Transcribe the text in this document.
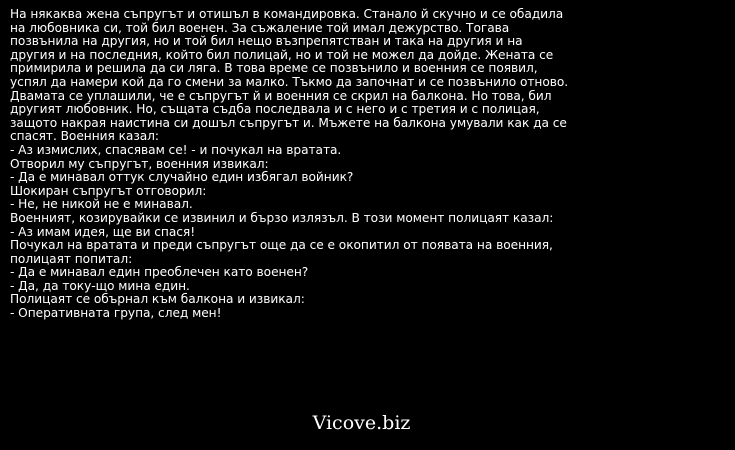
На някаква жена съпругът и отишъл в командировка. Станало й скучно и се обадила на любовника си, той бил военен. За съжаление той имал дежурство. Тогава позвънила на другия, но и той бил нещо възпрепятстван и така на другия и на другия и на последния, който бил полицай, но и той не можел да дойде. Жената се примирила и решила да си лягa. В това време се позвънило и военния се появил, успял да намери кой да го смени за малко. Тъкмо да започнат и се позвънило отново. Двамата се уплашили, че е съпругът й и военния се скрил на балкона. Но това, бил другият любовник. Но, същата съдба последвала и с него и с третия и с полицая, защото накрая наистина си дошъл съпругът и. Мъжете на балкона умували как да се спасят. Военния казал:

- Аз измислих, спасявам се! - и почукал на вратата.

Отворил му съпругът, военния извикал:

- Да е минавал оттук случайно един избягал войник?

Шокиран съпругът отговорил:

- Не, не никой не е минавал.

Военният, козирувайки се извинил и бързо излязъл. В този момент полицаят казал:

- Аз имам идея, ще ви спася!

Почукал на вратата и преди съпругът още да се е окопитил от появата на военния, полицаят попитал:

- Да е минавал един преоблечен като военен?

- Да, да току-що мина един.

Полицаят се обърнал към балкона и извикал:

- Оперативната група, след мен!

Vicove.biz
